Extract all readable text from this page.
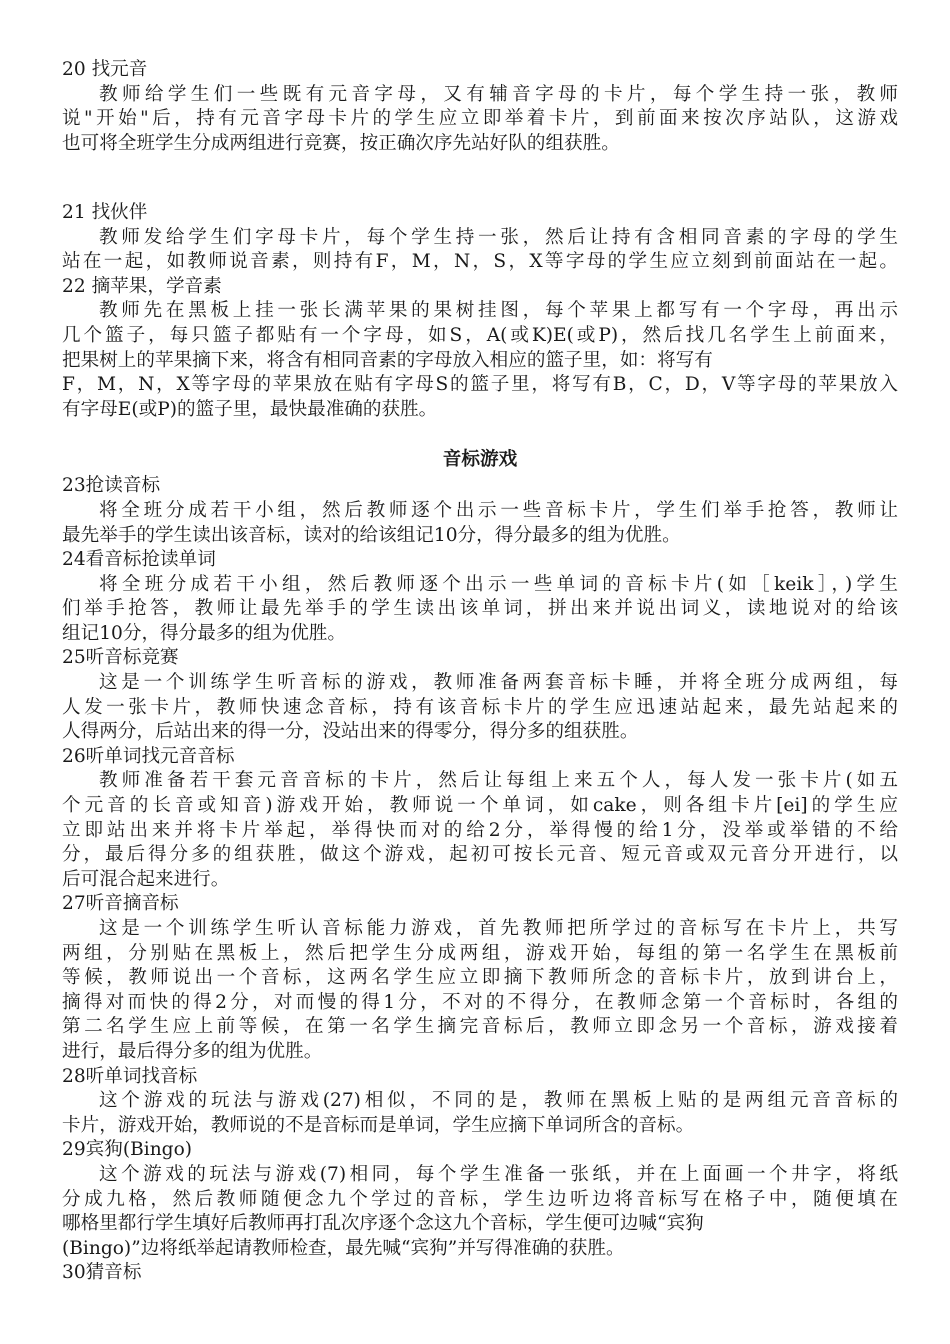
20 找元音
教师给学生们一些既有元音字母，又有辅音字母的卡片，每个学生持一张，教师
说"开始"后，持有元音字母卡片的学生应立即举着卡片，到前面来按次序站队，这游戏
也可将全班学生分成两组进行竞赛，按正确次序先站好队的组获胜。
21 找伙伴
教师发给学生们字母卡片，每个学生持一张，然后让持有含相同音素的字母的学生
站在一起，如教师说音素，则持有F，M，N，S，X等字母的学生应立刻到前面站在一起。
22 摘苹果，学音素
教师先在黑板上挂一张长满苹果的果树挂图，每个苹果上都写有一个字母，再出示
几个篮子，每只篮子都贴有一个字母，如S，A(或K)E(或P)，然后找几名学生上前面来，
把果树上的苹果摘下来，将含有相同音素的字母放入相应的篮子里，如：将写有
F，M，N，X等字母的苹果放在贴有字母S的篮子里，将写有B，C，D，V等字母的苹果放入
有字母E(或P)的篮子里，最快最准确的获胜。
音标游戏
23抢读音标
将全班分成若干小组，然后教师逐个出示一些音标卡片，学生们举手抢答，教师让
最先举手的学生读出该音标，读对的给该组记10分，得分最多的组为优胜。
24看音标抢读单词
将全班分成若干小组，然后教师逐个出示一些单词的音标卡片(如［keik］，)学生
们举手抢答，教师让最先举手的学生读出该单词，拼出来并说出词义，读地说对的给该
组记10分，得分最多的组为优胜。
25听音标竞赛
这是一个训练学生听音标的游戏，教师准备两套音标卡睡，并将全班分成两组，每
人发一张卡片，教师快速念音标，持有该音标卡片的学生应迅速站起来，最先站起来的
人得两分，后站出来的得一分，没站出来的得零分，得分多的组获胜。
26听单词找元音音标
教师准备若干套元音音标的卡片，然后让每组上来五个人，每人发一张卡片(如五
个元音的长音或知音)游戏开始，教师说一个单词，如cake，则各组卡片[ei]的学生应
立即站出来并将卡片举起，举得快而对的给2分，举得慢的给1分，没举或举错的不给
分，最后得分多的组获胜，做这个游戏，起初可按长元音、短元音或双元音分开进行，以
后可混合起来进行。
27听音摘音标
这是一个训练学生听认音标能力游戏，首先教师把所学过的音标写在卡片上，共写
两组，分别贴在黑板上，然后把学生分成两组，游戏开始，每组的第一名学生在黑板前
等候，教师说出一个音标，这两名学生应立即摘下教师所念的音标卡片，放到讲台上，
摘得对而快的得2分，对而慢的得1分，不对的不得分，在教师念第一个音标时，各组的
第二名学生应上前等候，在第一名学生摘完音标后，教师立即念另一个音标，游戏接着
进行，最后得分多的组为优胜。
28听单词找音标
这个游戏的玩法与游戏(27)相似，不同的是，教师在黑板上贴的是两组元音音标的
卡片，游戏开始，教师说的不是音标而是单词，学生应摘下单词所含的音标。
29宾狗(Bingo)
这个游戏的玩法与游戏(7)相同，每个学生准备一张纸，并在上面画一个井字，将纸
分成九格，然后教师随便念九个学过的音标，学生边听边将音标写在格子中，随便填在
哪格里都行学生填好后教师再打乱次序逐个念这九个音标，学生便可边喊“宾狗
(Bingo)”边将纸举起请教师检查，最先喊“宾狗”并写得准确的获胜。
30猜音标
